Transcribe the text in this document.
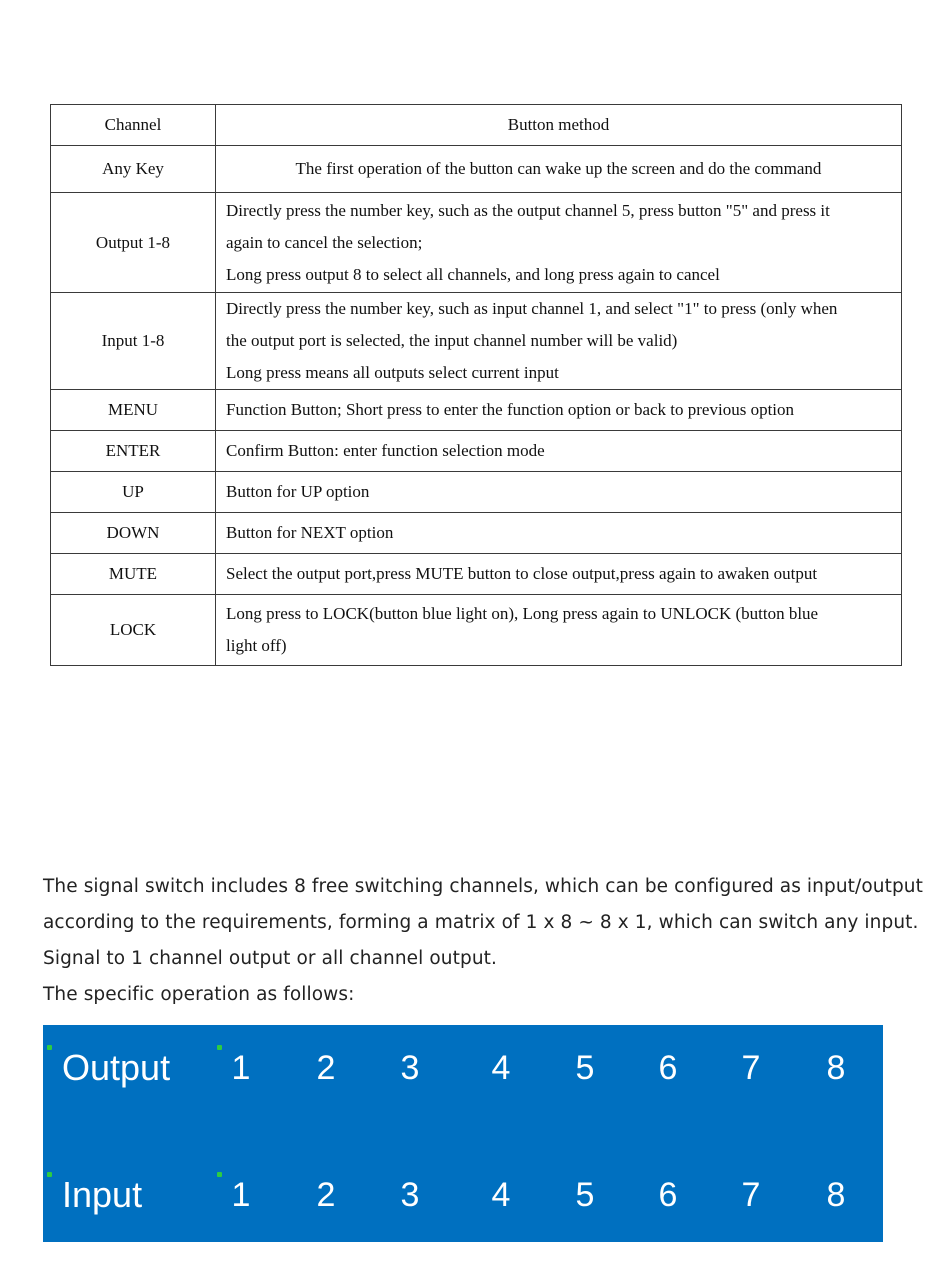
Channel	Button method
Any Key	The first operation of the button can wake up the screen and do the command

Output 1-8	Directly press the number key, such as the output channel 5, press button "5" and press it
again to cancel the selection;
Long press output 8 to select all channels, and long press again to cancel

Input 1-8	Directly press the number key, such as input channel 1, and select "1" to press (only when
the output port is selected, the input channel number will be valid)
Long press means all outputs select current input

MENU	Function Button; Short press to enter the function option or back to previous option

ENTER	Confirm Button: enter function selection mode

UP	Button for UP option

DOWN	Button for NEXT option

MUTE	Select the output port,press MUTE button to close output,press again to awaken output

LOCK	Long press to LOCK(button blue light on), Long press again to UNLOCK (button blue
light off)

The signal switch includes 8 free switching channels, which can be configured as input/output

according to the requirements, forming a matrix of 1 x 8 ~ 8 x 1, which can switch any input.

Signal to 1 channel output or all channel output.

The specific operation as follows:

Output 1 2 3 4 5 6 7 8
Input	1 2 3 4 5 6 7 8
